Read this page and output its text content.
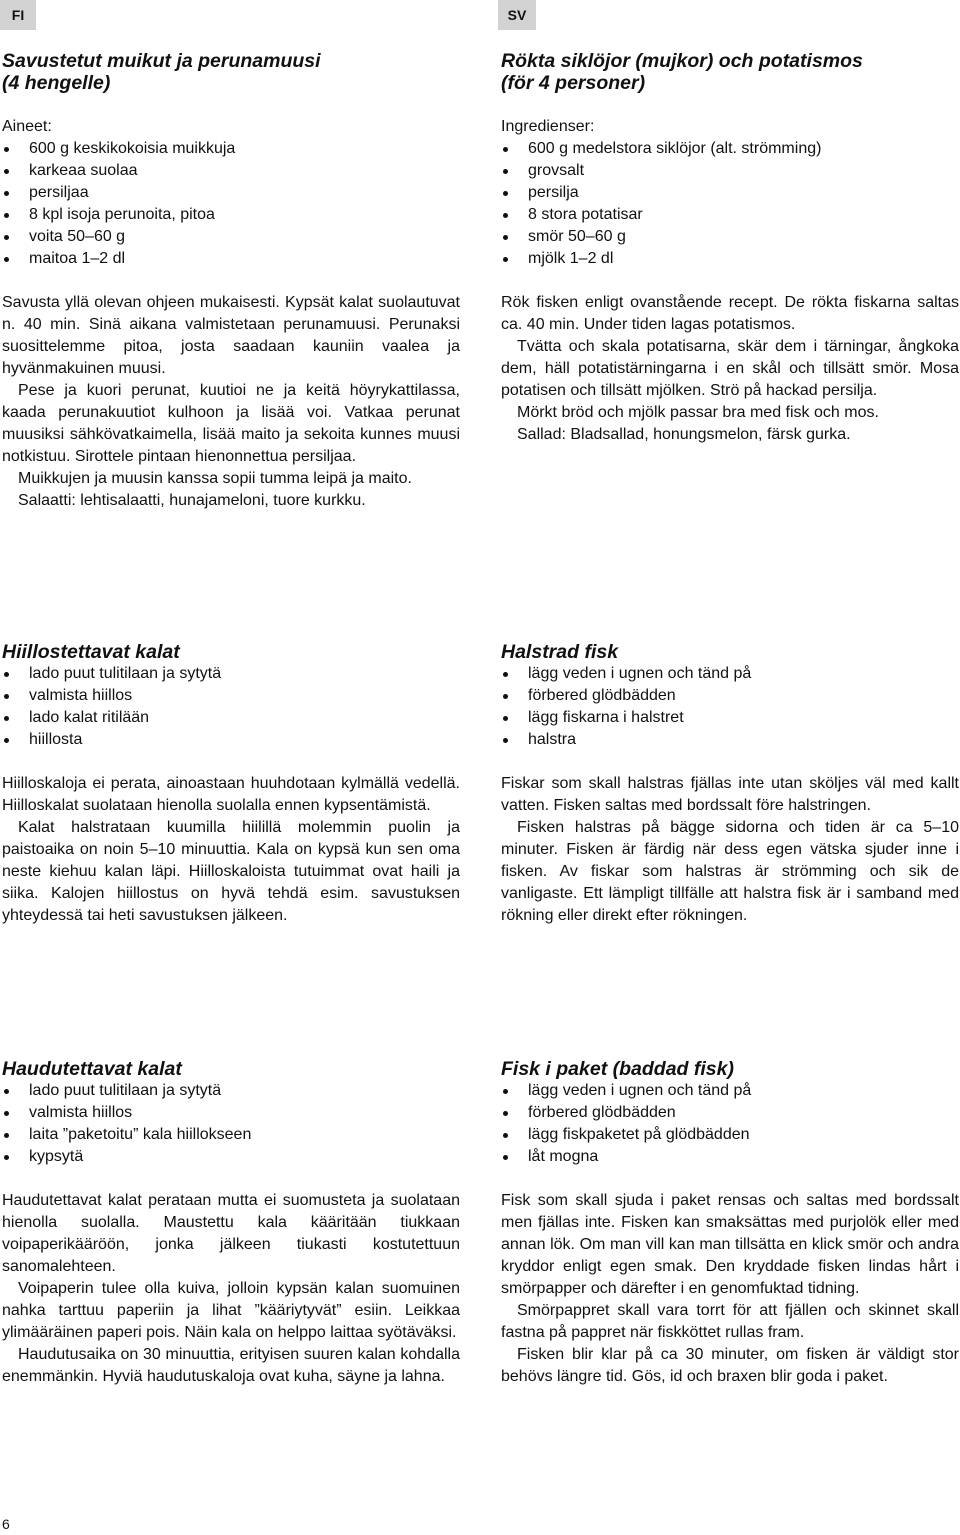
FI	SV
Savustetut muikut ja perunamuusi
(4 hengelle)
Aineet:
600 g keskikokoisia muikkuja
karkeaa suolaa
persiljaa
8 kpl isoja perunoita, pitoa
voita 50–60 g
maitoa 1–2 dl

Savusta yllä olevan ohjeen mukaisesti. Kypsät kalat suolautuvat n. 40 min. Sinä aikana valmistetaan perunamuusi. Perunaksi suosittelemme pitoa, josta saadaan kauniin vaalea ja hyvänmakuinen muusi.

Pese ja kuori perunat, kuutioi ne ja keitä höyrykattilassa, kaada perunakuutiot kulhoon ja lisää voi. Vatkaa perunat muusiksi sähkövatkaimella, lisää maito ja sekoita kunnes muusi notkistuu. Sirottele pintaan hienonnettua persiljaa.

Muikkujen ja muusin kanssa sopii tumma leipä ja maito.

Salaatti: lehtisalaatti, hunajameloni, tuore kurkku.

Hiillostettavat kalat
lado puut tulitilaan ja sytytä
valmista hiillos
lado kalat ritilään
hiillosta

Hiilloskaloja ei perata, ainoastaan huuhdotaan kylmällä vedellä. Hiilloskalat suolataan hienolla suolalla ennen kypsentämistä.

Kalat halstrataan kuumilla hiilillä molemmin puolin ja paistoaika on noin 5–10 minuuttia. Kala on kypsä kun sen oma neste kiehuu kalan läpi. Hiilloskaloista tutuimmat ovat haili ja siika. Kalojen hiillostus on hyvä tehdä esim. savustuksen yhteydessä tai heti savustuksen jälkeen.

Haudutettavat kalat
lado puut tulitilaan ja sytytä
valmista hiillos
laita ”paketoitu” kala hiillokseen
kypsytä

Haudutettavat kalat perataan mutta ei suomusteta ja suolataan hienolla suolalla. Maustettu kala kääritään tiukkaan voipaperikääröön, jonka jälkeen tiukasti kostutettuun sanomalehteen.

Voipaperin tulee olla kuiva, jolloin kypsän kalan suomuinen nahka tarttuu paperiin ja lihat ”kääriytyvät” esiin. Leikkaa ylimääräinen paperi pois. Näin kala on helppo laittaa syötäväksi.

Haudutusaika on 30 minuuttia, erityisen suuren kalan kohdalla enemmänkin. Hyviä haudutuskaloja ovat kuha, säyne ja lahna.

Rökta siklöjor (mujkor) och potatismos
(för 4 personer)
Ingredienser:
600 g medelstora siklöjor (alt. strömming)
grovsalt
persilja
8 stora potatisar
smör 50–60 g
mjölk 1–2 dl

Rök fisken enligt ovanstående recept. De rökta fiskarna saltas ca. 40 min. Under tiden lagas potatismos.

Tvätta och skala potatisarna, skär dem i tärningar, ångkoka dem, häll potatistärningarna i en skål och tillsätt smör. Mosa potatisen och tillsätt mjölken. Strö på hackad persilja.

Mörkt bröd och mjölk passar bra med fisk och mos.

Sallad: Bladsallad, honungsmelon, färsk gurka.

Halstrad fisk
lägg veden i ugnen och tänd på
förbered glödbädden
lägg fiskarna i halstret
halstra

Fiskar som skall halstras fjällas inte utan sköljes väl med kallt vatten. Fisken saltas med bordssalt före halstringen.

Fisken halstras på bägge sidorna och tiden är ca 5–10 minuter. Fisken är färdig när dess egen vätska sjuder inne i fisken. Av fiskar som halstras är strömming och sik de vanligaste. Ett lämpligt tillfälle att halstra fisk är i samband med rökning eller direkt efter rökningen.

Fisk i paket (baddad fisk)
lägg veden i ugnen och tänd på
förbered glödbädden
lägg fiskpaketet på glödbädden
låt mogna

Fisk som skall sjuda i paket rensas och saltas med bordssalt men fjällas inte. Fisken kan smaksättas med purjolök eller med annan lök. Om man vill kan man tillsätta en klick smör och andra kryddor enligt egen smak. Den kryddade fisken lindas hårt i smörpapper och därefter i en genomfuktad tidning.

Smörpappret skall vara torrt för att fjällen och skinnet skall fastna på pappret när fiskköttet rullas fram.

Fisken blir klar på ca 30 minuter, om fisken är väldigt stor behövs längre tid. Gös, id och braxen blir goda i paket.

6
